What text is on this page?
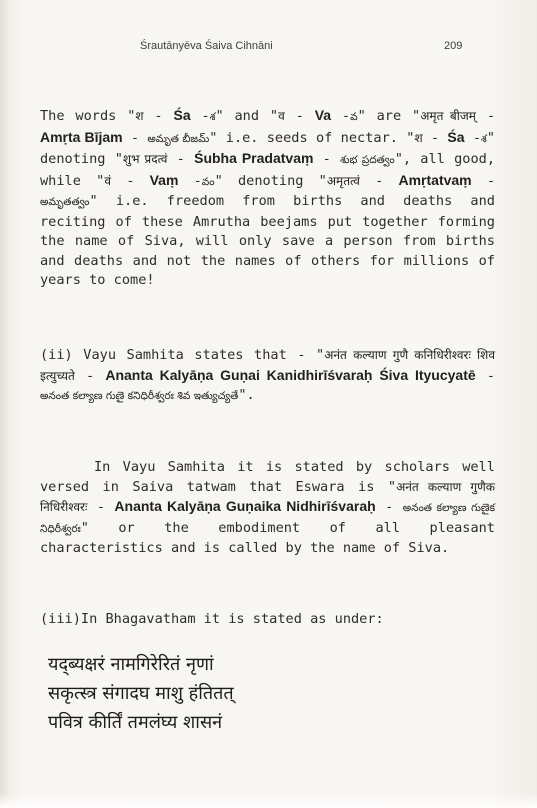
Śrautānyēva Śaiva Cihnāni	209

The words "श - Śa -శ" and "व - Va -వ" are "अमृत बीजम् - Amṛta Bījam - అమృత బీజమ్" i.e. seeds of nectar. "श - Śa -శ" denoting "शुभ प्रदत्वं - Śubha Pradatvaṃ - శుభ ప్రదత్వం", all good, while "वं - Vaṃ -వం" denoting "अमृतत्वं - Amṛtatvaṃ - అమృతత్వం" i.e. freedom from births and deaths and reciting of these Amrutha beejams put together forming the name of Siva, will only save a person from births and deaths and not the names of others for millions of years to come!

(ii) Vayu Samhita states that - "अनंत कल्याण गुणै कनिधिरीश्वरः शिव इत्युच्यते - Ananta Kalyāṇa Guṇai Kanidhirīśvaraḥ Śiva Ityucyatē - అనంత కల్యాణ గుణై కనిధిరీశ్వరః శివ ఇత్యుచ్యతే".

In Vayu Samhita it is stated by scholars well versed in Saiva tatwam that Eswara is "अनंत कल्याण गुणैक निधिरीश्वरः - Ananta Kalyāṇa Guṇaika Nidhirīśvaraḥ - అనంత కల్యాణ గుణైక నిధిరీశ్వరః" or the embodiment of all pleasant characteristics and is called by the name of Siva.

(iii)In Bhagavatham it is stated as under:

यद्ब्यक्षरं नामगिरेरितं नृणां
सकृत्स्त्र संगादघ माशु हंतितत्
पवित्र कीर्तिं तमलंघ्य शासनं
